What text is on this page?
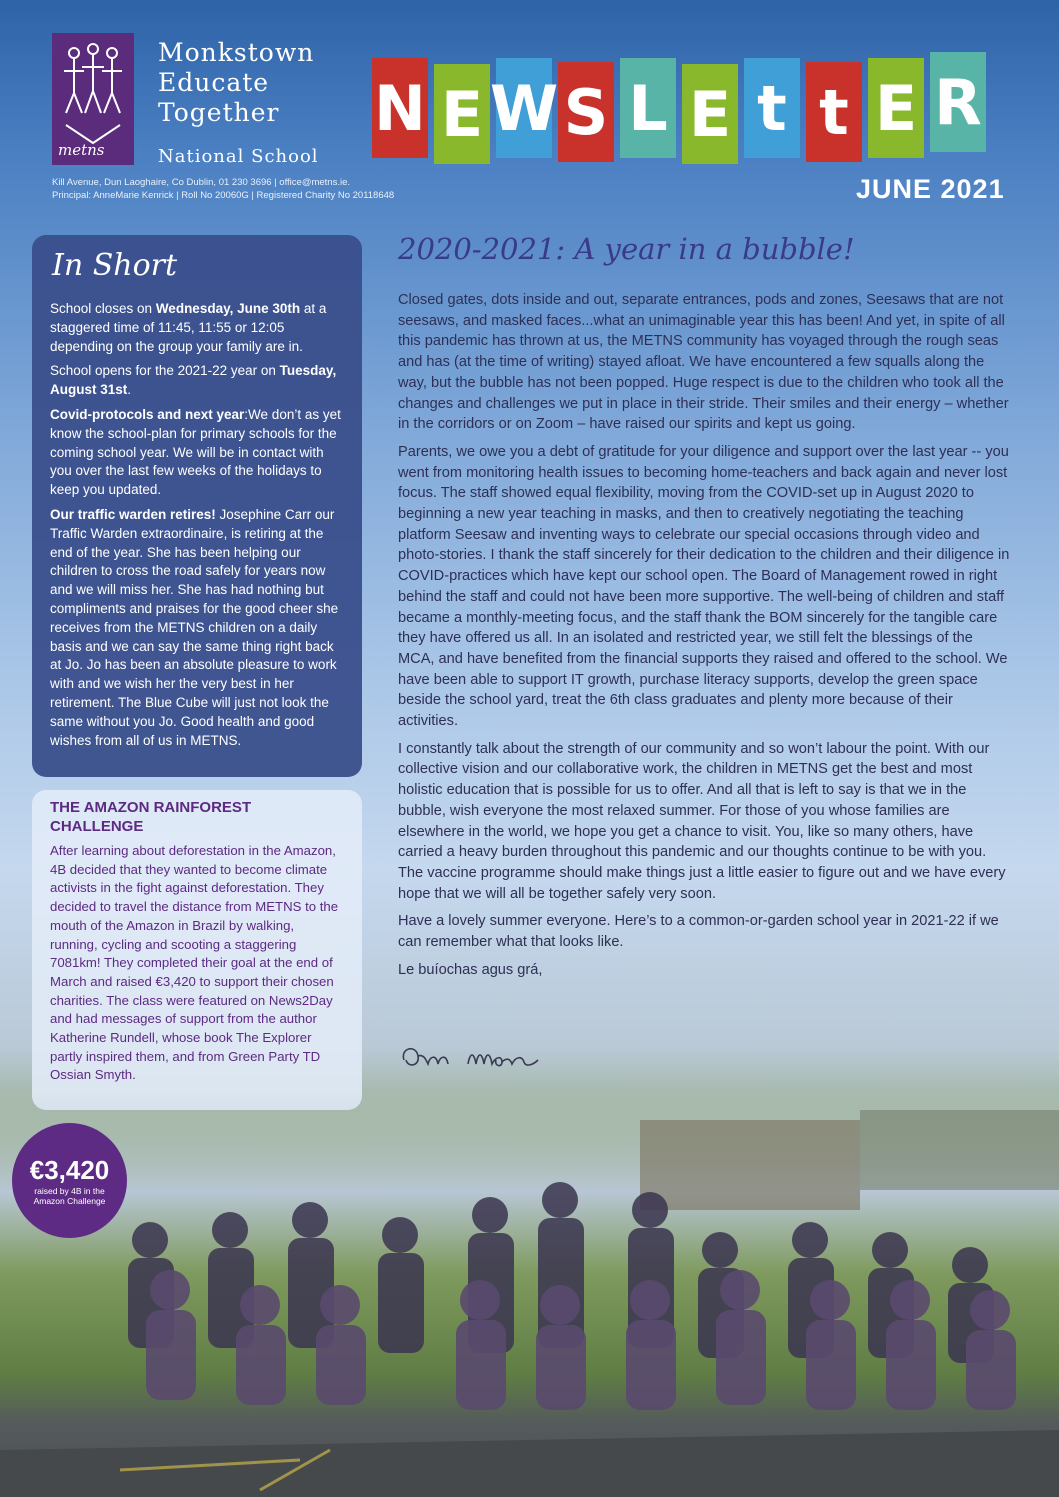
metns
Monkstown
Educate
Together
National School
Kill Avenue, Dun Laoghaire, Co Dublin, 01 230 3696 | office@metns.ie.
Principal: AnneMarie Kenrick | Roll No 20060G | Registered Charity No 20118648
N E W S L E t t E R
JUNE 2021
In Short

School closes on Wednesday, June 30th at a staggered time of 11:45, 11:55 or 12:05 depending on the group your family are in.

School opens for the 2021-22 year on Tuesday, August 31st.

Covid-protocols and next year:We don’t as yet know the school-plan for primary schools for the coming school year. We will be in contact with you over the last few weeks of the holidays to keep you updated.

Our traffic warden retires! Josephine Carr our Traffic Warden extraordinaire, is retiring at the end of the year. She has been helping our children to cross the road safely for years now and we will miss her. She has had nothing but compliments and praises for the good cheer she receives from the METNS children on a daily basis and we can say the same thing right back at Jo. Jo has been an absolute pleasure to work with and we wish her the very best in her retirement. The Blue Cube will just not look the same without you Jo. Good health and good wishes from all of us in METNS.

THE AMAZON RAINFOREST CHALLENGE
After learning about deforestation in the Amazon, 4B decided that they wanted to become climate activists in the fight against deforestation. They decided to travel the distance from METNS to the mouth of the Amazon in Brazil by walking, running, cycling and scooting a staggering 7081km! They completed their goal at the end of March and raised €3,420 to support their chosen charities. The class were featured on News2Day and had messages of support from the author Katherine Rundell, whose book The Explorer partly inspired them, and from Green Party TD Ossian Smyth.
2020-2021: A year in a bubble!

Closed gates, dots inside and out, separate entrances, pods and zones, Seesaws that are not seesaws, and masked faces...what an unimaginable year this has been! And yet, in spite of all this pandemic has thrown at us, the METNS community has voyaged through the rough seas and has (at the time of writing) stayed afloat. We have encountered a few squalls along the way, but the bubble has not been popped. Huge respect is due to the children who took all the changes and challenges we put in place in their stride. Their smiles and their energy – whether in the corridors or on Zoom – have raised our spirits and kept us going.

Parents, we owe you a debt of gratitude for your diligence and support over the last year -- you went from monitoring health issues to becoming home-teachers and back again and never lost focus. The staff showed equal flexibility, moving from the COVID-set up in August 2020 to beginning a new year teaching in masks, and then to creatively negotiating the teaching platform Seesaw and inventing ways to celebrate our special occasions through video and photo-stories. I thank the staff sincerely for their dedication to the children and their diligence in COVID-practices which have kept our school open. The Board of Management rowed in right behind the staff and could not have been more supportive. The well-being of children and staff became a monthly-meeting focus, and the staff thank the BOM sincerely for the tangible care they have offered us all. In an isolated and restricted year, we still felt the blessings of the MCA, and have benefited from the financial supports they raised and offered to the school. We have been able to support IT growth, purchase literacy supports, develop the green space beside the school yard, treat the 6th class graduates and plenty more because of their activities.

I constantly talk about the strength of our community and so won’t labour the point. With our collective vision and our collaborative work, the children in METNS get the best and most holistic education that is possible for us to offer. And all that is left to say is that we in the bubble, wish everyone the most relaxed summer. For those of you whose families are elsewhere in the world, we hope you get a chance to visit. You, like so many others, have carried a heavy burden throughout this pandemic and our thoughts continue to be with you. The vaccine programme should make things just a little easier to figure out and we have every hope that we will all be together safely very soon.

Have a lovely summer everyone. Here’s to a common-or-garden school year in 2021-22 if we can remember what that looks like.

Le buíochas agus grá,

€3,420
raised by 4B in the Amazon Challenge
